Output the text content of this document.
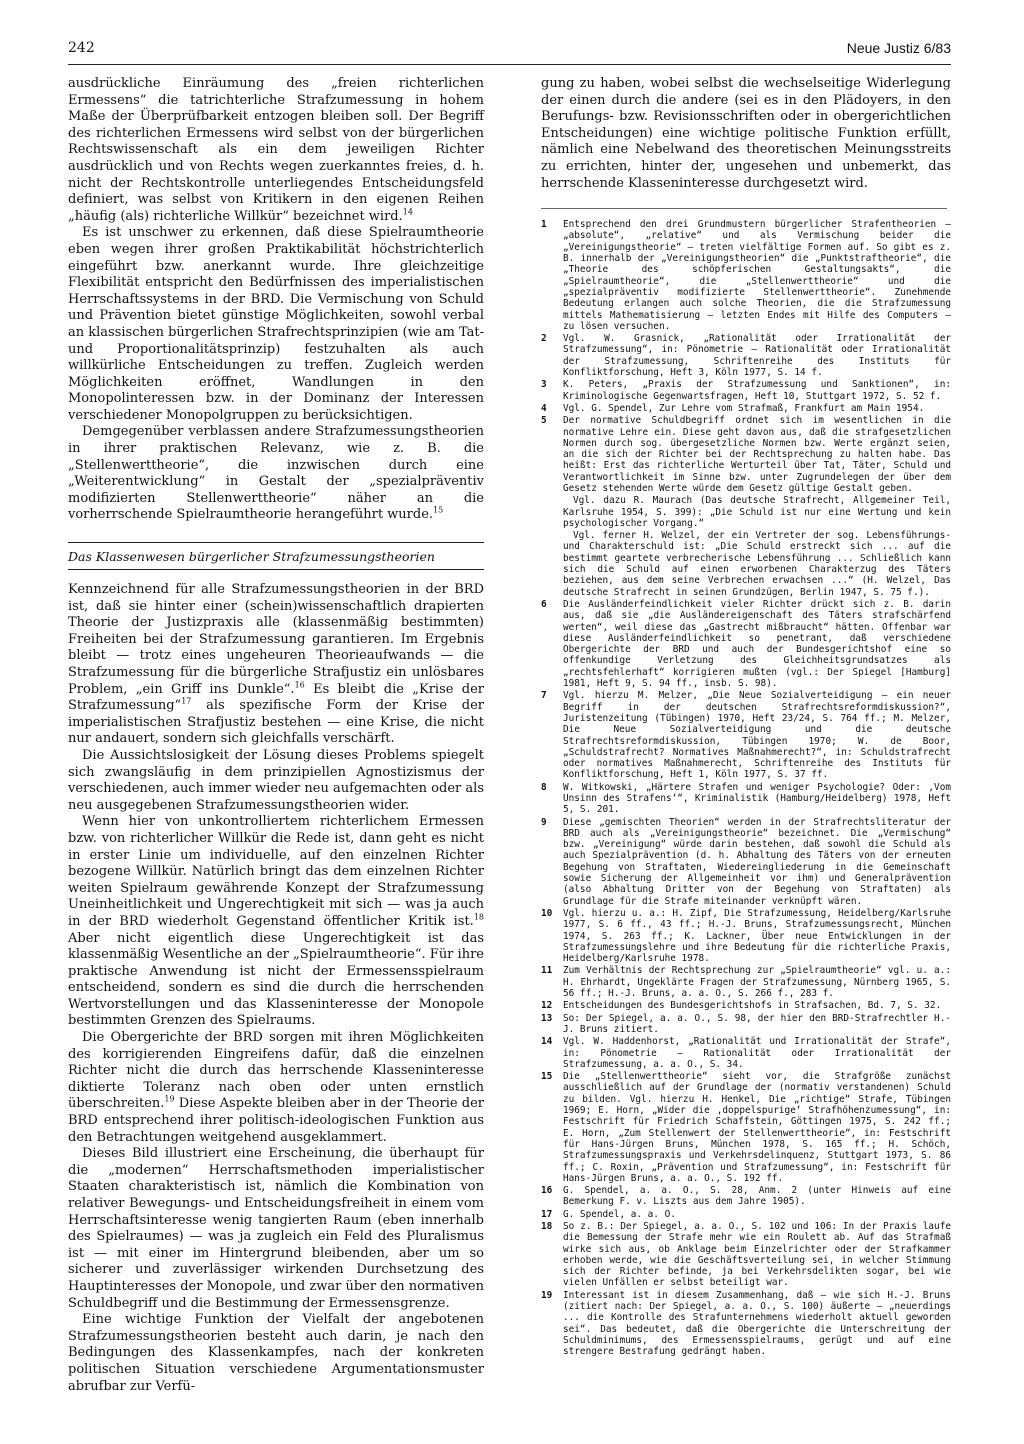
242	Neue Justiz 6/83

ausdrückliche Einräumung des „freien richterlichen Ermessens“ die tatrichterliche Strafzumessung in hohem Maße der Überprüfbarkeit entzogen bleiben soll. Der Begriff des richterlichen Ermessens wird selbst von der bürgerlichen Rechtswissenschaft als ein dem jeweiligen Richter ausdrücklich und von Rechts wegen zuerkanntes freies, d. h. nicht der Rechtskontrolle unterliegendes Entscheidungsfeld definiert, was selbst von Kritikern in den eigenen Reihen „häufig (als) richterliche Willkür“ bezeichnet wird.$^{14}$

Es ist unschwer zu erkennen, daß diese Spielraumtheorie eben wegen ihrer großen Praktikabilität höchstrichterlich eingeführt bzw. anerkannt wurde. Ihre gleichzeitige Flexibilität entspricht den Bedürfnissen des imperialistischen Herrschaftssystems in der BRD. Die Vermischung von Schuld und Prävention bietet günstige Möglichkeiten, sowohl verbal an klassischen bürgerlichen Strafrechtsprinzipien (wie am Tat- und Proportionalitätsprinzip) festzuhalten als auch willkürliche Entscheidungen zu treffen. Zugleich werden Möglichkeiten eröffnet, Wandlungen in den Monopolinteressen bzw. in der Dominanz der Interessen verschiedener Monopolgruppen zu berücksichtigen.

Demgegenüber verblassen andere Strafzumessungstheorien in ihrer praktischen Relevanz, wie z. B. die „Stellenwerttheorie“, die inzwischen durch eine „Weiterentwicklung“ in Gestalt der „spezialpräventiv modifizierten Stellenwerttheorie“ näher an die vorherrschende Spielraumtheorie herangeführt wurde.$^{15}$

Das Klassenwesen bürgerlicher Strafzumessungstheorien

Kennzeichnend für alle Strafzumessungstheorien in der BRD ist, daß sie hinter einer (schein)wissenschaftlich drapierten Theorie der Justizpraxis alle (klassenmäßig bestimmten) Freiheiten bei der Strafzumessung garantieren. Im Ergebnis bleibt — trotz eines ungeheuren Theorieaufwands — die Strafzumessung für die bürgerliche Strafjustiz ein unlösbares Problem, „ein Griff ins Dunkle“.$^{16}$ Es bleibt die „Krise der Strafzumessung“$^{17}$ als spezifische Form der Krise der imperialistischen Strafjustiz bestehen — eine Krise, die nicht nur andauert, sondern sich gleichfalls verschärft.

Die Aussichtslosigkeit der Lösung dieses Problems spiegelt sich zwangsläufig in dem prinzipiellen Agnostizismus der verschiedenen, auch immer wieder neu aufgemachten oder als neu ausgegebenen Strafzumessungstheorien wider.

Wenn hier von unkontrolliertem richterlichem Ermessen bzw. von richterlicher Willkür die Rede ist, dann geht es nicht in erster Linie um individuelle, auf den einzelnen Richter bezogene Willkür. Natürlich bringt das dem einzelnen Richter weiten Spielraum gewährende Konzept der Strafzumessung Uneinheitlichkeit und Ungerechtigkeit mit sich — was ja auch in der BRD wiederholt Gegenstand öffentlicher Kritik ist.$^{18}$ Aber nicht eigentlich diese Ungerechtigkeit ist das klassenmäßig Wesentliche an der „Spielraumtheorie“. Für ihre praktische Anwendung ist nicht der Ermessensspielraum entscheidend, sondern es sind die durch die herrschenden Wertvorstellungen und das Klasseninteresse der Monopole bestimmten Grenzen des Spielraums.

Die Obergerichte der BRD sorgen mit ihren Möglichkeiten des korrigierenden Eingreifens dafür, daß die einzelnen Richter nicht die durch das herrschende Klasseninteresse diktierte Toleranz nach oben oder unten ernstlich überschreiten.$^{19}$ Diese Aspekte bleiben aber in der Theorie der BRD entsprechend ihrer politisch-ideologischen Funktion aus den Betrachtungen weitgehend ausgeklammert.

Dieses Bild illustriert eine Erscheinung, die überhaupt für die „modernen“ Herrschaftsmethoden imperialistischer Staaten charakteristisch ist, nämlich die Kombination von relativer Bewegungs- und Entscheidungsfreiheit in einem vom Herrschaftsinteresse wenig tangierten Raum (eben innerhalb des Spielraumes) — was ja zugleich ein Feld des Pluralismus ist — mit einer im Hintergrund bleibenden, aber um so sicherer und zuverlässiger wirkenden Durchsetzung des Hauptinteresses der Monopole, und zwar über den normativen Schuldbegriff und die Bestimmung der Ermessensgrenze.

Eine wichtige Funktion der Vielfalt der angebotenen Strafzumessungstheorien besteht auch darin, je nach den Bedingungen des Klassenkampfes, nach der konkreten politischen Situation verschiedene Argumentationsmuster abrufbar zur Verfü-

gung zu haben, wobei selbst die wechselseitige Widerlegung der einen durch die andere (sei es in den Plädoyers, in den Berufungs- bzw. Revisionsschriften oder in obergerichtlichen Entscheidungen) eine wichtige politische Funktion erfüllt, nämlich eine Nebelwand des theoretischen Meinungsstreits zu errichten, hinter der, ungesehen und unbemerkt, das herrschende Klasseninteresse durchgesetzt wird.

1	Entsprechend den drei Grundmustern bürgerlicher Strafentheorien — „absolute“, „relative“ und als Vermischung beider die „Vereinigungstheorie“ — treten vielfältige Formen auf. So gibt es z. B. innerhalb der „Vereinigungstheorien“ die „Punktstraftheorie“, die „Theorie des schöpferischen Gestaltungsakts“, die „Spielraumtheorie“, die „Stellenwerttheorie“ und die „spezialpräventiv modifizierte Stellenwerttheorie“. Zunehmende Bedeutung erlangen auch solche Theorien, die die Strafzumessung mittels Mathematisierung — letzten Endes mit Hilfe des Computers — zu lösen versuchen.
2	Vgl. W. Grasnick, „Rationalität oder Irrationalität der Strafzumessung“, in: Pönometrie — Rationalität oder Irrationalität der Strafzumessung, Schriftenreihe des Instituts für Konfliktforschung, Heft 3, Köln 1977, S. 14 f.
3	K. Peters, „Praxis der Strafzumessung und Sanktionen“, in: Kriminologische Gegenwartsfragen, Heft 10, Stuttgart 1972, S. 52 f.
4	Vgl. G. Spendel, Zur Lehre vom Strafmaß, Frankfurt am Main 1954.
5	Der normative Schuldbegriff ordnet sich im wesentlichen in die normative Lehre ein. Diese geht davon aus, daß die strafgesetzlichen Normen durch sog. übergesetzliche Normen bzw. Werte ergänzt seien, an die sich der Richter bei der Rechtsprechung zu halten habe. Das heißt: Erst das richterliche Werturteil über Tat, Täter, Schuld und Verantwortlichkeit im Sinne bzw. unter Zugrundelegen der über dem Gesetz stehenden Werte würde dem Gesetz gültige Gestalt geben.
Vgl. dazu R. Maurach (Das deutsche Strafrecht, Allgemeiner Teil, Karlsruhe 1954, S. 399): „Die Schuld ist nur eine Wertung und kein psychologischer Vorgang.“
Vgl. ferner H. Welzel, der ein Vertreter der sog. Lebensführungs- und Charakterschuld ist: „Die Schuld erstreckt sich ... auf die bestimmt geartete verbrecherische Lebensführung ... Schließlich kann sich die Schuld auf einen erworbenen Charakterzug des Täters beziehen, aus dem seine Verbrechen erwachsen ...“ (H. Welzel, Das deutsche Strafrecht in seinen Grundzügen, Berlin 1947, S. 75 f.).
6	Die Ausländerfeindlichkeit vieler Richter drückt sich z. B. darin aus, daß sie „die Ausländereigenschaft des Täters strafschärfend werten“, weil diese das „Gastrecht mißbraucht“ hätten. Offenbar war diese Ausländerfeindlichkeit so penetrant, daß verschiedene Obergerichte der BRD und auch der Bundesgerichtshof eine so offenkundige Verletzung des Gleichheitsgrundsatzes als „rechtsfehlerhaft“ korrigieren mußten (vgl.: Der Spiegel [Hamburg] 1981, Heft 9, S. 94 ff., insb. S. 98).
7	Vgl. hierzu M. Melzer, „Die Neue Sozialverteidigung — ein neuer Begriff in der deutschen Strafrechtsreformdiskussion?“, Juristenzeitung (Tübingen) 1970, Heft 23/24, S. 764 ff.; M. Melzer, Die Neue Sozialverteidigung und die deutsche Strafrechtsreformdiskussion, Tübingen 1970; W. de Boor, „Schuldstrafrecht? Normatives Maßnahmerecht?“, in: Schuldstrafrecht oder normatives Maßnahmerecht, Schriftenreihe des Instituts für Konfliktforschung, Heft 1, Köln 1977, S. 37 ff.
8	W. Witkowski, „Härtere Strafen und weniger Psychologie? Oder: ‚Vom Unsinn des Strafens‘“, Kriminalistik (Hamburg/Heidelberg) 1978, Heft 5, S. 201.
9	Diese „gemischten Theorien“ werden in der Strafrechtsliteratur der BRD auch als „Vereinigungstheorie“ bezeichnet. Die „Vermischung“ bzw. „Vereinigung“ würde darin bestehen, daß sowohl die Schuld als auch Spezialprävention (d. h. Abhaltung des Täters von der erneuten Begehung von Straftaten, Wiedereingliederung in die Gemeinschaft sowie Sicherung der Allgemeinheit vor ihm) und Generalprävention (also Abhaltung Dritter von der Begehung von Straftaten) als Grundlage für die Strafe miteinander verknüpft wären.
10	Vgl. hierzu u. a.: H. Zipf, Die Strafzumessung, Heidelberg/Karlsruhe 1977, S. 6 ff., 43 ff.; H.-J. Bruns, Strafzumessungsrecht, München 1974, S. 263 ff.; K. Lackner, Über neue Entwicklungen in der Strafzumessungslehre und ihre Bedeutung für die richterliche Praxis, Heidelberg/Karlsruhe 1978.
11	Zum Verhältnis der Rechtsprechung zur „Spielraumtheorie“ vgl. u. a.: H. Ehrhardt, Ungeklärte Fragen der Strafzumessung, Nürnberg 1965, S. 56 ff.; H.-J. Bruns, a. a. O., S. 266 f., 283 f.
12	Entscheidungen des Bundesgerichtshofs in Strafsachen, Bd. 7, S. 32.
13	So: Der Spiegel, a. a. O., S. 98, der hier den BRD-Strafrechtler H.-J. Bruns zitiert.
14	Vgl. W. Haddenhorst, „Rationalität und Irrationalität der Strafe“, in: Pönometrie — Rationalität oder Irrationalität der Strafzumessung, a. a. O., S. 34.
15	Die „Stellenwerttheorie“ sieht vor, die Strafgröße zunächst ausschließlich auf der Grundlage der (normativ verstandenen) Schuld zu bilden. Vgl. hierzu H. Henkel, Die „richtige“ Strafe, Tübingen 1969; E. Horn, „Wider die ‚doppelspurige‘ Strafhöhenzumessung“, in: Festschrift für Friedrich Schaffstein, Göttingen 1975, S. 242 ff.; E. Horn, „Zum Stellenwert der Stellenwerttheorie“, in: Festschrift für Hans-Jürgen Bruns, München 1978, S. 165 ff.; H. Schöch, Strafzumessungspraxis und Verkehrsdelinquenz, Stuttgart 1973, S. 86 ff.; C. Roxin, „Prävention und Strafzumessung“, in: Festschrift für Hans-Jürgen Bruns, a. a. O., S. 192 ff.
16	G. Spendel, a. a. O., S. 28, Anm. 2 (unter Hinweis auf eine Bemerkung F. v. Liszts aus dem Jahre 1905).
17	G. Spendel, a. a. O.
18	So z. B.: Der Spiegel, a. a. O., S. 102 und 106: In der Praxis laufe die Bemessung der Strafe mehr wie ein Roulett ab. Auf das Strafmaß wirke sich aus, ob Anklage beim Einzelrichter oder der Strafkammer erhoben werde, wie die Geschäftsverteilung sei, in welcher Stimmung sich der Richter befinde, ja bei Verkehrsdelikten sogar, bei wie vielen Unfällen er selbst beteiligt war.
19	Interessant ist in diesem Zusammenhang, daß — wie sich H.-J. Bruns (zitiert nach: Der Spiegel, a. a. O., S. 100) äußerte — „neuerdings ... die Kontrolle des Strafunternehmens wiederholt aktuell geworden sei“. Das bedeutet, daß die Obergerichte die Unterschreitung der Schuldminimums, des Ermessensspielraums, gerügt und auf eine strengere Bestrafung gedrängt haben.
